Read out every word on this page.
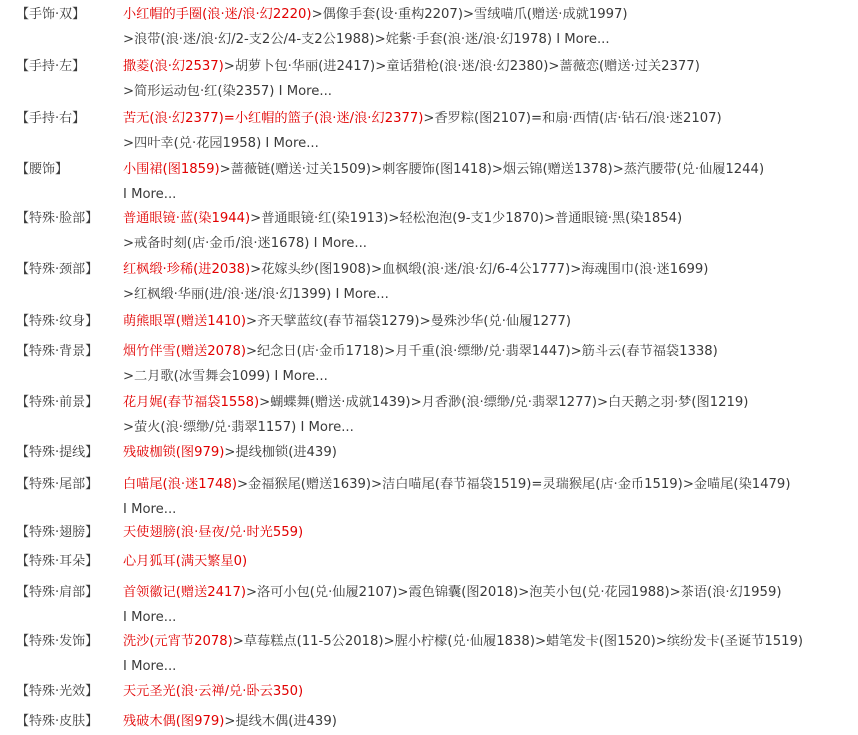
【手饰·双】	小红帽的手圈(浪·迷/浪·幻2220)>偶像手套(设·重构2207)>雪绒喵爪(赠送·成就1997)
>浪带(浪·迷/浪·幻/2-支2公/4-支2公1988)>姹紫·手套(浪·迷/浪·幻1978) I More...
【手持·左】	撒菱(浪·幻2537)>胡萝卜包·华丽(进2417)>童话猎枪(浪·迷/浪·幻2380)>蔷薇恋(赠送·过关2377)
>简形运动包·红(染2357) I More...
【手持·右】	苦无(浪·幻2377)=小红帽的篮子(浪·迷/浪·幻2377)>香罗粽(图2107)=和扇·西情(店·钻石/浪·迷2107)
>四叶幸(兑·花园1958) I More...
【腰饰】	小围裙(图1859)>蔷薇链(赠送·过关1509)>刺客腰饰(图1418)>烟云锦(赠送1378)>蒸汽腰带(兑·仙履1244)
I More...
【特殊·脸部】 普通眼镜·蓝(染1944)>普通眼镜·红(染1913)>轻松泡泡(9-支1少1870)>普通眼镜·黑(染1854)
>戒备时刻(店·金币/浪·迷1678) I More...
【特殊·颈部】 红枫缎·珍稀(进2038)>花嫁头纱(图1908)>血枫缎(浪·迷/浪·幻/6-4公1777)>海魂围巾(浪·迷1699)
>红枫缎·华丽(进/浪·迷/浪·幻1399) I More...
【特殊·纹身】 萌熊眼罩(赠送1410)>齐天擘蓝纹(春节福袋1279)>曼殊沙华(兑·仙履1277)
【特殊·背景】 烟竹伴雪(赠送2078)>纪念日(店·金币1718)>月千重(浪·缥缈/兑·翡翠1447)>筋斗云(春节福袋1338)
>二月歌(冰雪舞会1099) I More...
【特殊·前景】 花月娓(春节福袋1558)>蝴蝶舞(赠送·成就1439)>月香渺(浪·缥缈/兑·翡翠1277)>白天鹅之羽·梦(图1219)
>萤火(浪·缥缈/兑·翡翠1157) I More...
【特殊·提线】 残破枷锁(图979)>提线枷锁(进439)
【特殊·尾部】 白喵尾(浪·迷1748)>金福猴尾(赠送1639)>洁白喵尾(春节福袋1519)=灵瑞猴尾(店·金币1519)>金喵尾(染1479)
I More...
【特殊·翅膀】 天使翅膀(浪·昼夜/兑·时光559)
【特殊·耳朵】 心月狐耳(满天繁星0)
【特殊·肩部】 首领徽记(赠送2417)>洛可小包(兑·仙履2107)>霞色锦囊(图2018)>泡芙小包(兑·花园1988)>茶语(浪·幻1959)
I More...
【特殊·发饰】 洗沙(元宵节2078)>草莓糕点(11-5公2018)>腥小柠檬(兑·仙履1838)>蜡笔发卡(图1520)>缤纷发卡(圣诞节1519)
I More...
【特殊·光效】 天元圣光(浪·云禅/兑·卧云350)
【特殊·皮肤】 残破木偶(图979)>提线木偶(进439)
